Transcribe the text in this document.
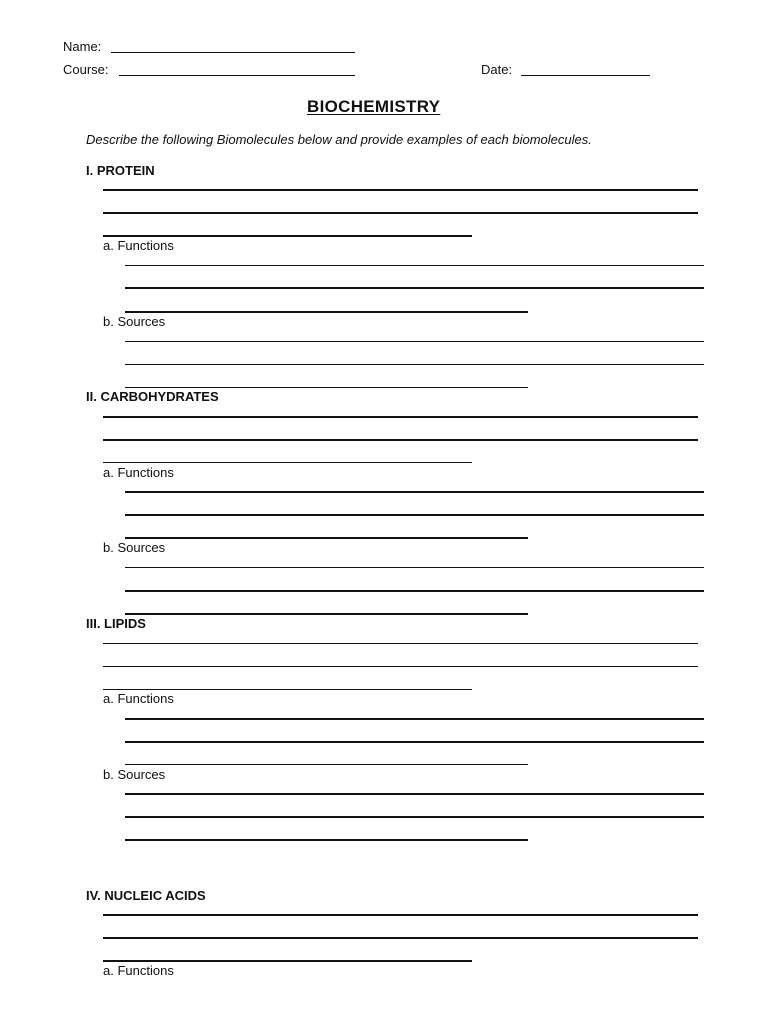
Name:
Course:	Date:
BIOCHEMISTRY
Describe the following Biomolecules below and provide examples of each biomolecules.
I. PROTEIN
a. Functions
b. Sources
II. CARBOHYDRATES
a. Functions
b. Sources
III. LIPIDS
a. Functions
b. Sources
IV. NUCLEIC ACIDS
a. Functions
